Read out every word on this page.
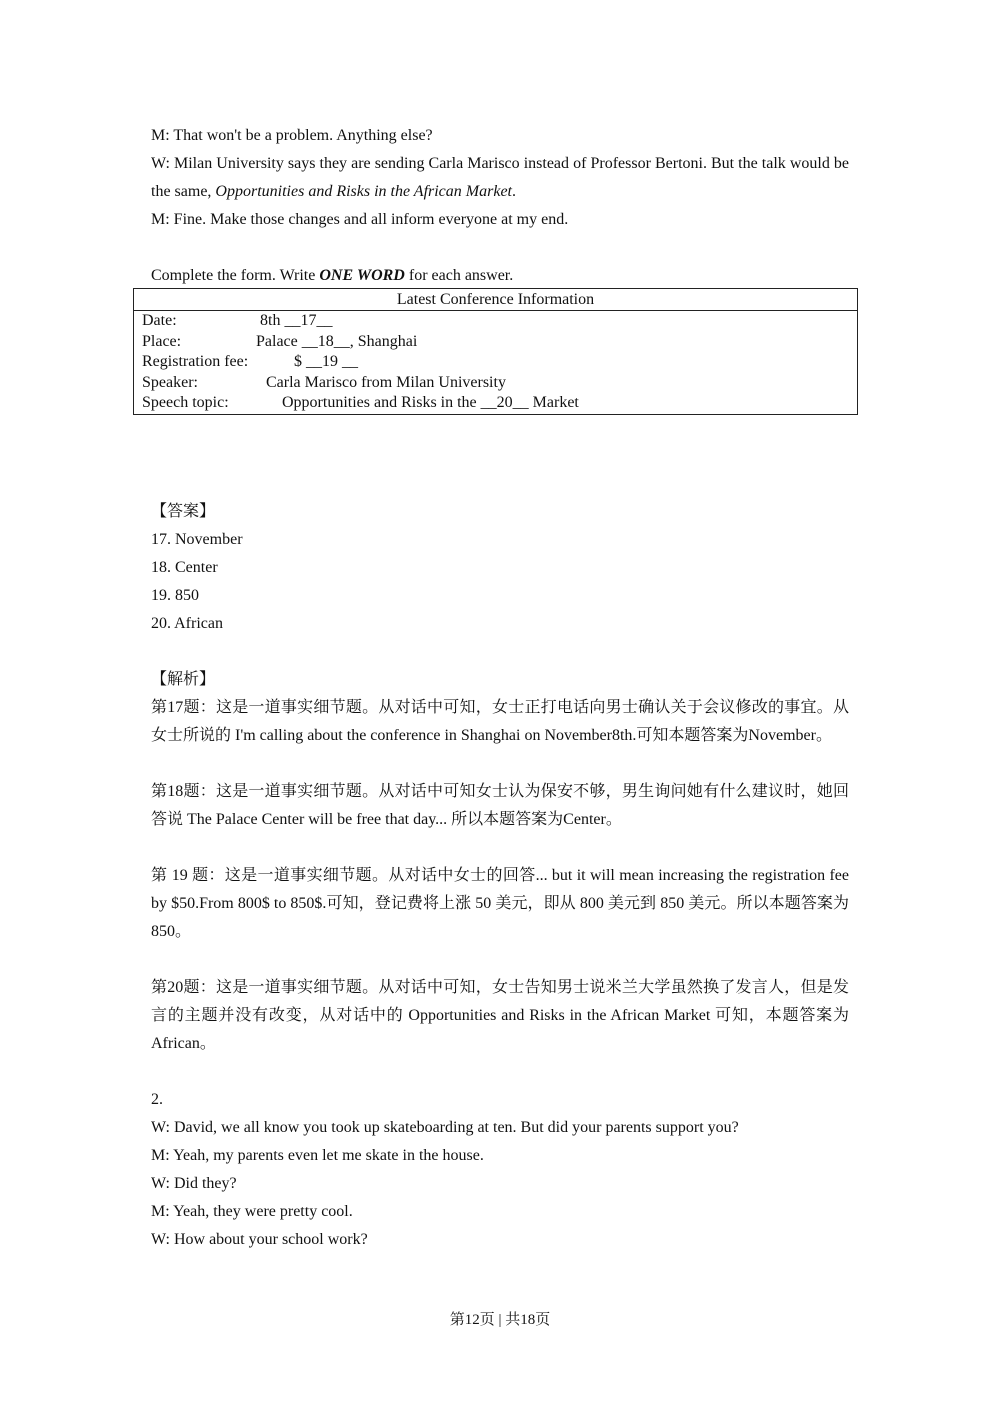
M: That won't be a problem. Anything else?

W: Milan University says they are sending Carla Marisco instead of Professor Bertoni. But the talk would be the same, Opportunities and Risks in the African Market.

M: Fine. Make those changes and all inform everyone at my end.

Complete the form. Write ONE WORD for each answer.

Latest Conference Information
Date:	8th __17__
Place:	Palace __18__, Shanghai
Registration fee:	$ __19 __
Speaker:	Carla Marisco from Milan University
Speech topic:	Opportunities and Risks in the __20__ Market

【答案】

17. November

18. Center

19. 850

20. African

【解析】

第17题：这是一道事实细节题。从对话中可知，女士正打电话向男士确认关于会议修改的事宜。从女士所说的 I'm calling about the conference in Shanghai on November8th.可知本题答案为November。

第18题：这是一道事实细节题。从对话中可知女士认为保安不够，男生询问她有什么建议时，她回答说 The Palace Center will be free that day... 所以本题答案为Center。

第 19 题：这是一道事实细节题。从对话中女士的回答... but it will mean increasing the registration fee by $50.From 800$ to 850$.可知，登记费将上涨 50 美元，即从 800 美元到 850 美元。所以本题答案为 850。

第20题：这是一道事实细节题。从对话中可知，女士告知男士说米兰大学虽然换了发言人，但是发言的主题并没有改变，从对话中的 Opportunities and Risks in the African Market 可知，本题答案为 African。

2.

W: David, we all know you took up skateboarding at ten. But did your parents support you?

M: Yeah, my parents even let me skate in the house.

W: Did they?

M: Yeah, they were pretty cool.

W: How about your school work?

第12页 | 共18页
